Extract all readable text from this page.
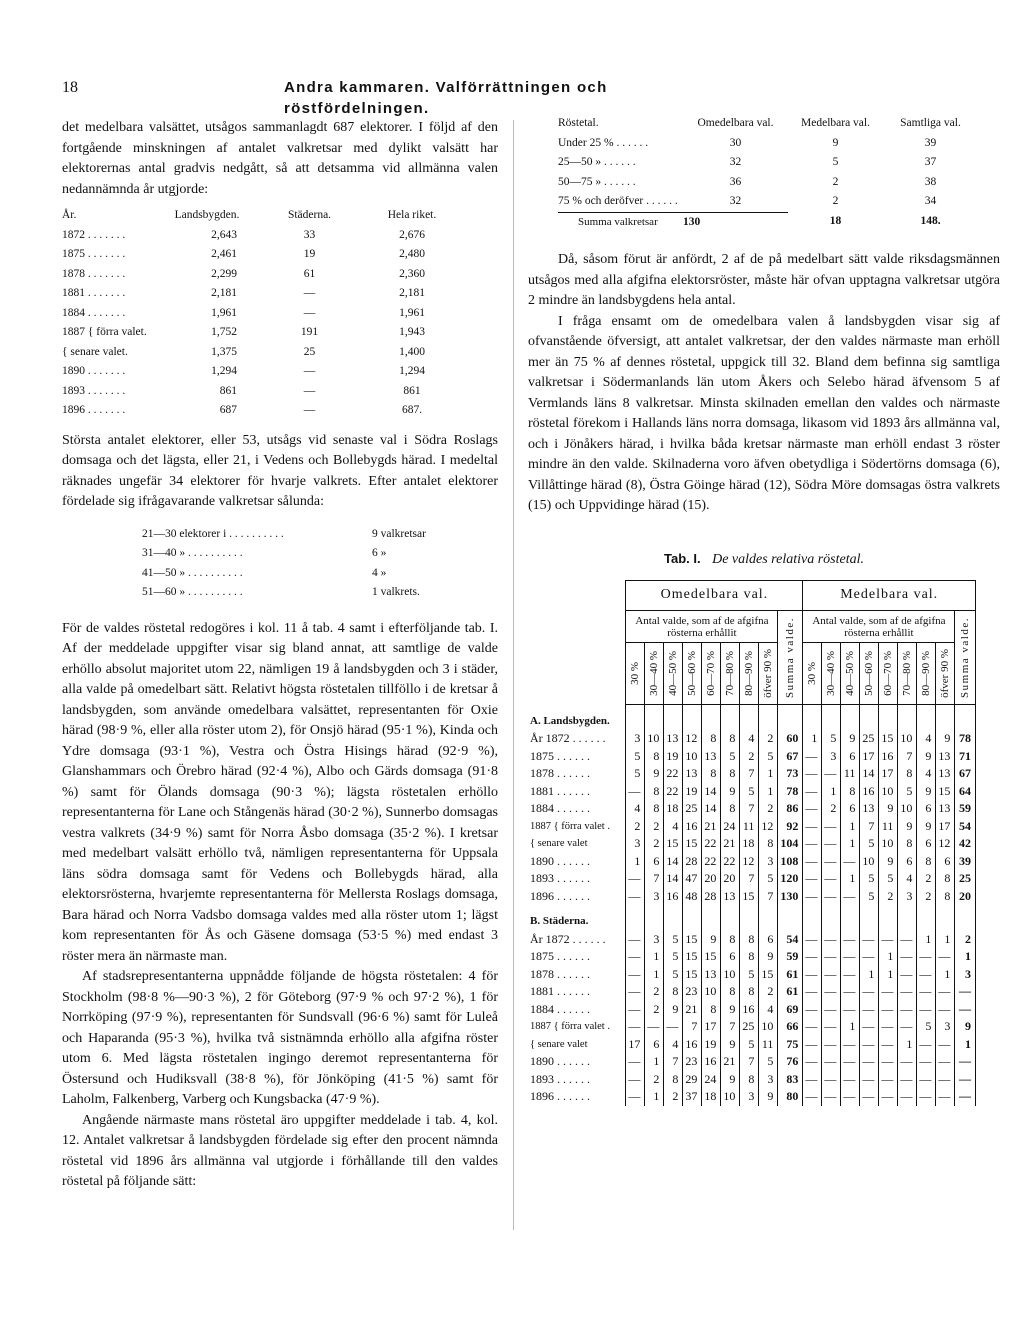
18	Andra kammaren. Valförrättningen och röstfördelningen.

det medelbara valsättet, utsågos sammanlagdt 687 elektorer. I följd af den fortgående minskningen af antalet valkretsar med dylikt valsätt har elektorernas antal gradvis nedgått, så att detsamma vid allmänna valen nedannämnda år utgjorde:

År.	Landsbygden.	Städerna.	Hela riket.
1872 . . . . . . .	2,643	33	2,676
1875 . . . . . . .	2,461	19	2,480
1878 . . . . . . .	2,299	61	2,360
1881 . . . . . . .	2,181	—	2,181
1884 . . . . . . .	1,961	—	1,961
1887 { förra valet.	1,752	191	1,943
{ senare valet.	1,375	25	1,400
1890 . . . . . . .	1,294	—	1,294
1893 . . . . . . .	861	—	861
1896 . . . . . . .	687	—	687.

Största antalet elektorer, eller 53, utsågs vid senaste val i Södra Roslags domsaga och det lägsta, eller 21, i Vedens och Bollebygds härad. I medeltal räknades ungefär 34 elektorer för hvarje valkrets. Efter antalet elektorer fördelade sig ifrågavarande valkretsar sålunda:

21—30 elektorer i . . . . . . . . . .	9 valkretsar
31—40 » . . . . . . . . . .	6 »
41—50 » . . . . . . . . . .	4 »
51—60 » . . . . . . . . . .	1 valkrets.

För de valdes röstetal redogöres i kol. 11 å tab. 4 samt i efterföljande tab. I. Af der meddelade uppgifter visar sig bland annat, att samtlige de valde erhöllo absolut majoritet utom 22, nämligen 19 å landsbygden och 3 i städer, alla valde på omedelbart sätt. Relativt högsta röstetalen tillföllo i de kretsar å landsbygden, som använde omedelbara valsättet, representanten för Oxie härad (98·9 %, eller alla röster utom 2), för Onsjö härad (95·1 %), Kinda och Ydre domsaga (93·1 %), Vestra och Östra Hisings härad (92·9 %), Glanshammars och Örebro härad (92·4 %), Albo och Gärds domsaga (91·8 %) samt för Ölands domsaga (90·3 %); lägsta röstetalen erhöllo representanterna för Lane och Stångenäs härad (30·2 %), Sunnerbo domsagas vestra valkrets (34·9 %) samt för Norra Åsbo domsaga (35·2 %). I kretsar med medelbart valsätt erhöllo två, nämligen representanterna för Uppsala läns södra domsaga samt för Vedens och Bollebygds härad, alla elektorsrösterna, hvarjemte representanterna för Mellersta Roslags domsaga, Bara härad och Norra Vadsbo domsaga valdes med alla röster utom 1; lägst kom representanten för Ås och Gäsene domsaga (53·5 %) med endast 3 röster mera än närmaste man.

Af stadsrepresentanterna uppnådde följande de högsta röstetalen: 4 för Stockholm (98·8 %—90·3 %), 2 för Göteborg (97·9 % och 97·2 %), 1 för Norrköping (97·9 %), representanten för Sundsvall (96·6 %) samt för Luleå och Haparanda (95·3 %), hvilka två sistnämnda erhöllo alla afgifna röster utom 6. Med lägsta röstetalen ingingo deremot representanterna för Östersund och Hudiksvall (38·8 %), för Jönköping (41·5 %) samt för Laholm, Falkenberg, Varberg och Kungsbacka (47·9 %).

Angående närmaste mans röstetal äro uppgifter meddelade i tab. 4, kol. 12. Antalet valkretsar å landsbygden fördelade sig efter den procent nämnda röstetal vid 1896 års allmänna val utgjorde i förhållande till den valdes röstetal på följande sätt:

Röstetal.	Omedelbara val.	Medelbara val.	Samtliga val.
Under 25 % . . . . . .	30	9	39
25—50 » . . . . . .	32	5	37
50—75 » . . . . . .	36	2	38
75 % och deröfver . . . . . .	32	2	34
Summa valkretsar	130	18	148.

Då, såsom förut är anfördt, 2 af de på medelbart sätt valde riksdagsmännen utsågos med alla afgifna elektorsröster, måste här ofvan upptagna valkretsar utgöra 2 mindre än landsbygdens hela antal.

I fråga ensamt om de omedelbara valen å landsbygden visar sig af ofvanstående öfversigt, att antalet valkretsar, der den valdes närmaste man erhöll mer än 75 % af dennes röstetal, uppgick till 32. Bland dem befinna sig samtliga valkretsar i Södermanlands län utom Åkers och Selebo härad äfvensom 5 af Vermlands läns 8 valkretsar. Minsta skilnaden emellan den valdes och närmaste röstetal förekom i Hallands läns norra domsaga, likasom vid 1893 års allmänna val, och i Jönåkers härad, i hvilka båda kretsar närmaste man erhöll endast 3 röster mindre än den valde. Skilnaderna voro äfven obetydliga i Södertörns domsaga (6), Villåttinge härad (8), Östra Göinge härad (12), Södra Möre domsagas östra valkrets (15) och Uppvidinge härad (15).

Tab. I. De valdes relativa röstetal.
	Omedelbara val.									Medelbara val.								
	Antal valde, som af de afgifna rösterna erhållit								Summa valde.	Antal valde, som af de afgifna rösterna erhållit								Summa valde.

	30 %	30—40 %	40—50 %	50—60 %	60—70 %	70—80 %	80—90 %	öfver 90 %		30 %	30—40 %	40—50 %	50—60 %	60—70 %	70—80 %	80—90 %	öfver 90 %	

A. Landsbygden.																		
År 1872 . . . . . .	3	10	13	12	8	8	4	2	60	1	5	9	25	15	10	4	9	78
1875 . . . . . .	5	8	19	10	13	5	2	5	67	—	3	6	17	16	7	9	13	71
1878 . . . . . .	5	9	22	13	8	8	7	1	73	—	—	11	14	17	8	4	13	67
1881 . . . . . .	—	8	22	19	14	9	5	1	78	—	1	8	16	10	5	9	15	64
1884 . . . . . .	4	8	18	25	14	8	7	2	86	—	2	6	13	9	10	6	13	59
1887 { förra valet .	2	2	4	16	21	24	11	12	92	—	—	1	7	11	9	9	17	54
{ senare valet	3	2	15	15	22	21	18	8	104	—	—	1	5	10	8	6	12	42
1890 . . . . . .	1	6	14	28	22	22	12	3	108	—	—	—	10	9	6	8	6	39
1893 . . . . . .	—	7	14	47	20	20	7	5	120	—	—	1	5	5	4	2	8	25
1896 . . . . . .	—	3	16	48	28	13	15	7	130	—	—	—	5	2	3	2	8	20
B. Städerna.																		
År 1872 . . . . . .	—	3	5	15	9	8	8	6	54	—	—	—	—	—	—	1	1	2
1875 . . . . . .	—	1	5	15	15	6	8	9	59	—	—	—	—	1	—	—	—	1
1878 . . . . . .	—	1	5	15	13	10	5	15	61	—	—	—	1	1	—	—	1	3
1881 . . . . . .	—	2	8	23	10	8	8	2	61	—	—	—	—	—	—	—	—	—
1884 . . . . . .	—	2	9	21	8	9	16	4	69	—	—	—	—	—	—	—	—	—
1887 { förra valet .	—	—	—	7	17	7	25	10	66	—	—	1	—	—	—	5	3	9
{ senare valet	17	6	4	16	19	9	5	11	75	—	—	—	—	—	1	—	—	1
1890 . . . . . .	—	1	7	23	16	21	7	5	76	—	—	—	—	—	—	—	—	—
1893 . . . . . .	—	2	8	29	24	9	8	3	83	—	—	—	—	—	—	—	—	—
1896 . . . . . .	—	1	2	37	18	10	3	9	80	—	—	—	—	—	—	—	—	—
